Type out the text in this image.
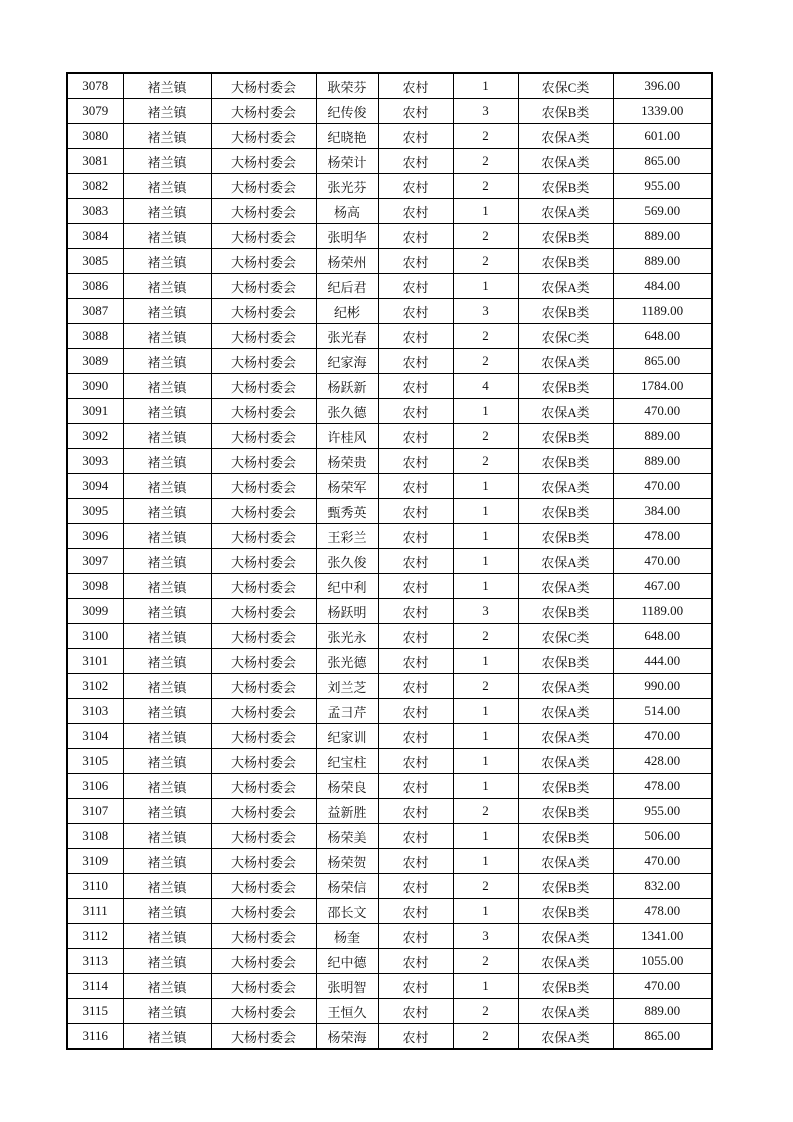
3078	褚兰镇	大杨村委会	耿荣芬	农村	1	农保C类	396.00
3079	褚兰镇	大杨村委会	纪传俊	农村	3	农保B类	1339.00
3080	褚兰镇	大杨村委会	纪晓艳	农村	2	农保A类	601.00
3081	褚兰镇	大杨村委会	杨荣计	农村	2	农保A类	865.00
3082	褚兰镇	大杨村委会	张光芬	农村	2	农保B类	955.00
3083	褚兰镇	大杨村委会	杨高	农村	1	农保A类	569.00
3084	褚兰镇	大杨村委会	张明华	农村	2	农保B类	889.00
3085	褚兰镇	大杨村委会	杨荣州	农村	2	农保B类	889.00
3086	褚兰镇	大杨村委会	纪后君	农村	1	农保A类	484.00
3087	褚兰镇	大杨村委会	纪彬	农村	3	农保B类	1189.00
3088	褚兰镇	大杨村委会	张光春	农村	2	农保C类	648.00
3089	褚兰镇	大杨村委会	纪家海	农村	2	农保A类	865.00
3090	褚兰镇	大杨村委会	杨跃新	农村	4	农保B类	1784.00
3091	褚兰镇	大杨村委会	张久德	农村	1	农保A类	470.00
3092	褚兰镇	大杨村委会	许桂风	农村	2	农保B类	889.00
3093	褚兰镇	大杨村委会	杨荣贵	农村	2	农保B类	889.00
3094	褚兰镇	大杨村委会	杨荣军	农村	1	农保A类	470.00
3095	褚兰镇	大杨村委会	甄秀英	农村	1	农保B类	384.00
3096	褚兰镇	大杨村委会	王彩兰	农村	1	农保B类	478.00
3097	褚兰镇	大杨村委会	张久俊	农村	1	农保A类	470.00
3098	褚兰镇	大杨村委会	纪中利	农村	1	农保A类	467.00
3099	褚兰镇	大杨村委会	杨跃明	农村	3	农保B类	1189.00
3100	褚兰镇	大杨村委会	张光永	农村	2	农保C类	648.00
3101	褚兰镇	大杨村委会	张光德	农村	1	农保B类	444.00
3102	褚兰镇	大杨村委会	刘兰芝	农村	2	农保A类	990.00
3103	褚兰镇	大杨村委会	孟彐芹	农村	1	农保A类	514.00
3104	褚兰镇	大杨村委会	纪家训	农村	1	农保A类	470.00
3105	褚兰镇	大杨村委会	纪宝柱	农村	1	农保A类	428.00
3106	褚兰镇	大杨村委会	杨荣良	农村	1	农保B类	478.00
3107	褚兰镇	大杨村委会	益新胜	农村	2	农保B类	955.00
3108	褚兰镇	大杨村委会	杨荣美	农村	1	农保B类	506.00
3109	褚兰镇	大杨村委会	杨荣贺	农村	1	农保A类	470.00
3110	褚兰镇	大杨村委会	杨荣信	农村	2	农保B类	832.00
3111	褚兰镇	大杨村委会	邵长文	农村	1	农保B类	478.00
3112	褚兰镇	大杨村委会	杨奎	农村	3	农保A类	1341.00
3113	褚兰镇	大杨村委会	纪中德	农村	2	农保A类	1055.00
3114	褚兰镇	大杨村委会	张明智	农村	1	农保B类	470.00
3115	褚兰镇	大杨村委会	王恒久	农村	2	农保A类	889.00
3116	褚兰镇	大杨村委会	杨荣海	农村	2	农保A类	865.00
